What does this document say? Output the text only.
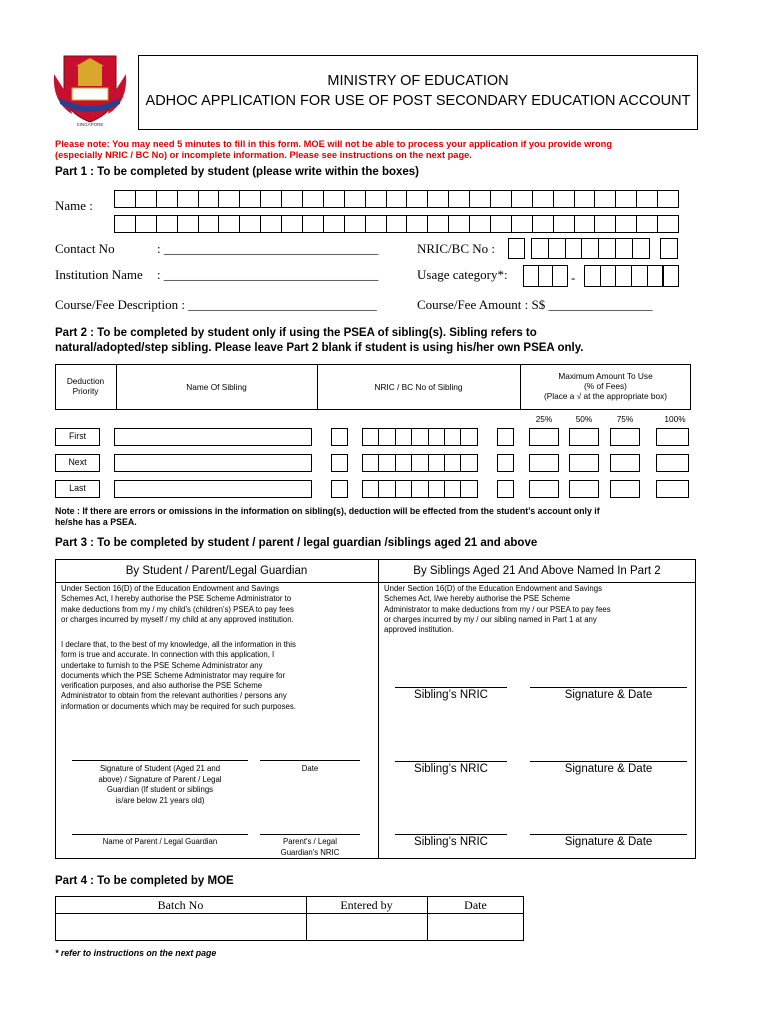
SINGAPORE
MINISTRY OF EDUCATION
ADHOC APPLICATION FOR USE OF POST SECONDARY EDUCATION ACCOUNT
Please note: You may need 5 minutes to fill in this form. MOE will not be able to process your application if you provide wrong
(especially NRIC / BC No) or incomplete information. Please see instructions on the next page.
Part 1 : To be completed by student (please write within the boxes)
Name :
Contact No	: _________________________________	NRIC/BC No :
Institution Name : _________________________________	Usage category*:	-
Course/Fee Description : _____________________________	Course/Fee Amount : S$ ________________
Part 2 : To be completed by student only if using the PSEA of sibling(s). Sibling refers to
natural/adopted/step sibling. Please leave Part 2 blank if student is using his/her own PSEA only.
Deduction
Priority	Name Of Sibling	NRIC / BC No of Sibling
Maximum Amount To Use
(% of Fees)
(Place a √ at the appropriate box)
25%	50%	75%	100%
First
Next
Last
Note : If there are errors or omissions in the information on sibling(s), deduction will be effected from the student’s account only if
he/she has a PSEA.
Part 3 : To be completed by student / parent / legal guardian /siblings aged 21 and above
By Student / Parent/Legal Guardian	By Siblings Aged 21 And Above Named In Part 2
Under Section 16(D) of the Education Endowment and Savings
Schemes Act, I hereby authorise the PSE Scheme Administrator to
make deductions from my / my child’s (children’s) PSEA to pay fees
or charges incurred by myself / my child at any approved institution.
I declare that, to the best of my knowledge, all the information in this
form is true and accurate. In connection with this application, I
undertake to furnish to the PSE Scheme Administrator any
documents which the PSE Scheme Administrator may require for
verification purposes, and also authorise the PSE Scheme
Administrator to obtain from the relevant authorities / persons any
information or documents which may be required for such purposes.
Under Section 16(D) of the Education Endowment and Savings
Schemes Act, I/we hereby authorise the PSE Scheme
Administrator to make deductions from my / our PSEA to pay fees
or charges incurred by my / our sibling named in Part 1 at any
approved institution.
Signature of Student (Aged 21 and
above) / Signature of Parent / Legal
Guardian (If student or siblings
is/are below 21 years old)
Date
Name of Parent / Legal Guardian	Parent's / Legal
Guardian's NRIC
Sibling’s NRIC	Signature & Date
Sibling’s NRIC	Signature & Date
Sibling’s NRIC	Signature & Date
Part 4 : To be completed by MOE
Batch No	Entered by	Date
* refer to instructions on the next page
